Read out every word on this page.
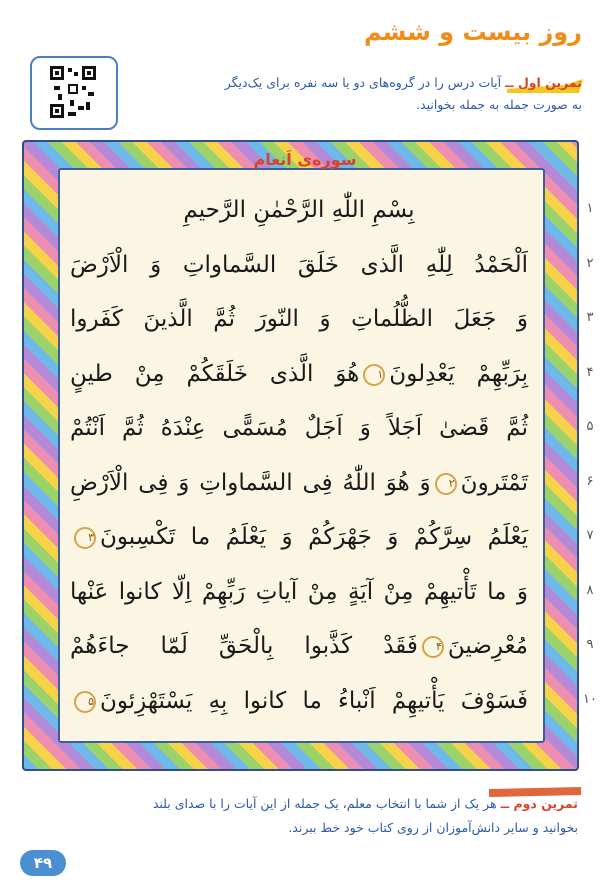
روز بیست و ششم
تمرین اول ــ آیات درس را در گروه‌های دو یا سه نفره برای یک‌دیگر
به صورت جمله به جمله بخوانید.
سوره‌ی اَنعام
بِسْمِ اللّٰهِ الرَّحْمٰنِ الرَّحيمِ
اَلْحَمْدُ لِلّٰهِ الَّذی خَلَقَ السَّماواتِ وَ الْاَرْضَ
وَ جَعَلَ الظُّلُماتِ وَ النّورَ ثُمَّ الَّذينَ كَفَروا
بِرَبِّهِمْ يَعْدِلونَ۱هُوَ الَّذی خَلَقَكُمْ مِنْ طينٍ
ثُمَّ قَضیٰ اَجَلاً وَ اَجَلٌ مُسَمًّی عِنْدَهُ ثُمَّ اَنْتُمْ
تَمْتَرونَ۲وَ هُوَ اللّٰهُ فِی السَّماواتِ وَ فِی الْاَرْضِ
يَعْلَمُ سِرَّكُمْ وَ جَهْرَكُمْ وَ يَعْلَمُ ما تَكْسِبونَ۳
وَ ما تَأْتيهِمْ مِنْ آيَةٍ مِنْ آياتِ رَبِّهِمْ اِلّا كانوا عَنْها
مُعْرِضينَ۴فَقَدْ كَذَّبوا بِالْحَقِّ لَمّا جاءَهُمْ
فَسَوْفَ يَأْتيهِمْ اَنْباءُ ما كانوا بِهِ يَسْتَهْزِئونَ۵
تمرین دوم ــ هر یک از شما با انتخاب معلم، یک جمله از این آیات را با صدای بلند
بخوانید و سایر دانش‌آموزان از روی کتاب خود خط ببرند.
۴۹
۱
۲
۳
۴
۵
۶
۷
۸
۹
۱۰
